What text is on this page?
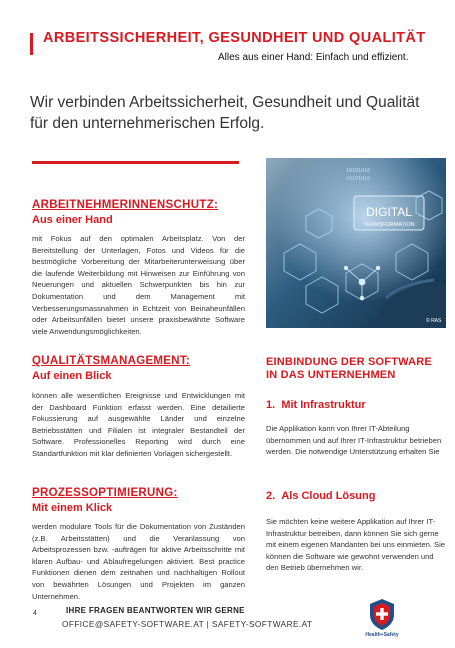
ARBEITSSICHERHEIT, GESUNDHEIT UND QUALITÄT
Alles aus einer Hand: Einfach und effizient.
Wir verbinden Arbeitssicherheit, Gesundheit und Qualität für den unternehmerischen Erfolg.
DIGITAL
TRANSFORMATION
10101010
10101010
© RAS
ARBEITNEHMERINNENSCHUTZ:
Aus einer Hand
mit Fokus auf den optimalen Arbeitsplatz. Von der Bereitstellung der Unterlagen, Fotos und Videos für die bestmögliche Vorbereitung der Mitarbeiterunterweisung über die laufende Weiterbildung mit Hinweisen zur Einführung von Neuerungen und aktuellen Schwerpunkten bis hin zur Dokumentation und dem Management mit Verbesserungsmassnahmen in Echtzeit von Beinaheunfällen oder Arbeitsunfällen bietet unsere praxisbewährte Software viele Anwendungsmöglichkeiten.
QUALITÄTSMANAGEMENT:
Auf einen Blick
können alle wesentlichen Ereignisse und Entwicklungen mit der Dashboard Funktion erfasst werden. Eine detailierte Fokussierung auf ausgewählte Länder und einzelne Betriebsstätten und Filialen ist integraler Bestandteil der Software. Professionelles Reporting wird durch eine Standartfunktion mit klar definierten Vorlagen sichergestellt.
PROZESSOPTIMIERUNG:
Mit einem Klick
werden modulare Tools für die Dokumentation von Zuständen (z.B. Arbeitsstätten) und die Veranlassung von Arbeitsprozessen bzw. -aufträgen für aktive Arbeitsschritte mit klaren Aufbau- und Ablaufregelungen aktiviert. Best practice Funktionen dienen dem zeitnahen und nachhaltigen Rollout von bewährten Lösungen und Projekten im ganzen Unternehmen.
EINBINDUNG DER SOFTWARE IN DAS UNTERNEHMEN
1. Mit Infrastruktur
Die Applikation kann von Ihrer IT-Abteilung übernommen und auf Ihrer IT-Infrastruktur betrieben werden. Die notwendige Unterstützung erhalten Sie
2. Als Cloud Lösung
Sie möchten keine weitere Applikation auf Ihrer IT-Infrastruktur betreiben, dann können Sie sich gerne mit einem eigenen Mandanten bei uns einmieten. Sie können die Software wie gewohnt verwenden und den Betrieb übernehmen wir.
4	IHRE FRAGEN BEANTWORTEN WIR GERNE
OFFICE@SAFETY-SOFTWARE.AT | SAFETY-SOFTWARE.AT
Health+Safety
